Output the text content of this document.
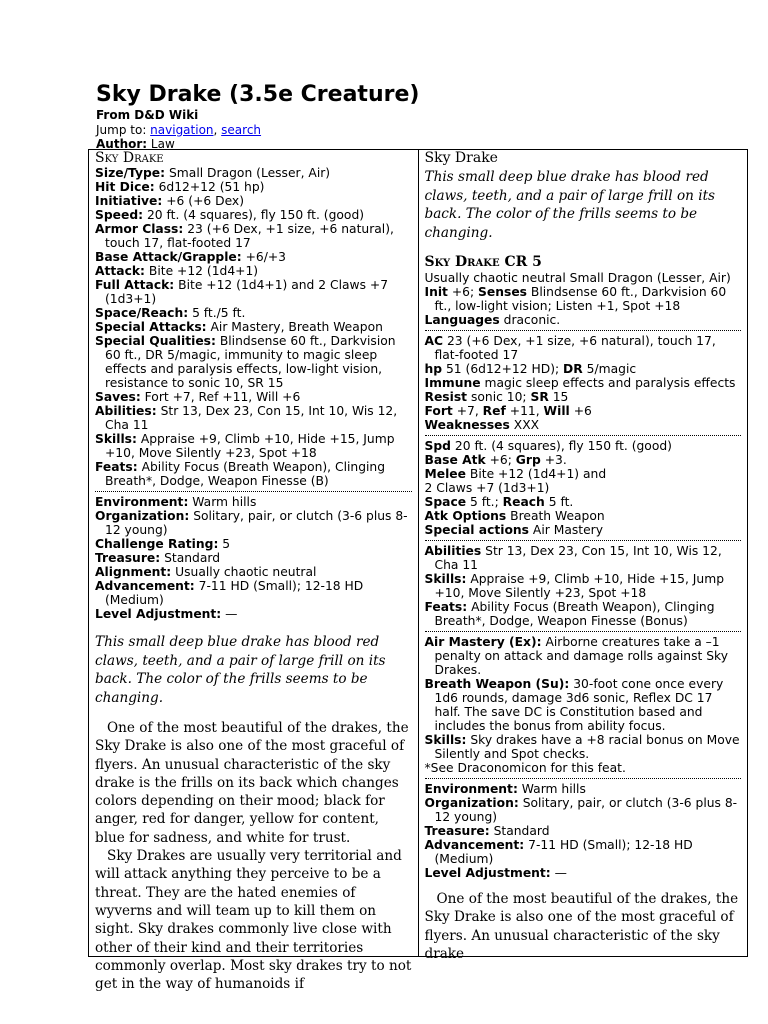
Sky Drake (3.5e Creature)
From D&D Wiki
Jump to: navigation, search
Author: Law
Sky Drake
Size/Type: Small Dragon (Lesser, Air)
Hit Dice: 6d12+12 (51 hp)
Initiative: +6 (+6 Dex)
Speed: 20 ft. (4 squares), fly 150 ft. (good)
Armor Class: 23 (+6 Dex, +1 size, +6 natural), touch 17, flat-footed 17
Base Attack/Grapple: +6/+3
Attack: Bite +12 (1d4+1)
Full Attack: Bite +12 (1d4+1) and 2 Claws +7 (1d3+1)
Space/Reach: 5 ft./5 ft.
Special Attacks: Air Mastery, Breath Weapon
Special Qualities: Blindsense 60 ft., Darkvision 60 ft., DR 5/magic, immunity to magic sleep effects and paralysis effects, low-light vision, resistance to sonic 10, SR 15
Saves: Fort +7, Ref +11, Will +6
Abilities: Str 13, Dex 23, Con 15, Int 10, Wis 12, Cha 11
Skills: Appraise +9, Climb +10, Hide +15, Jump +10, Move Silently +23, Spot +18
Feats: Ability Focus (Breath Weapon), Clinging Breath*, Dodge, Weapon Finesse (B)
Environment: Warm hills
Organization: Solitary, pair, or clutch (3-6 plus 8-12 young)
Challenge Rating: 5
Treasure: Standard
Alignment: Usually chaotic neutral
Advancement: 7-11 HD (Small); 12-18 HD (Medium)
Level Adjustment: —
This small deep blue drake has blood red claws, teeth, and a pair of large frill on its back. The color of the frills seems to be changing.

One of the most beautiful of the drakes, the Sky Drake is also one of the most graceful of flyers. An unusual characteristic of the sky drake is the frills on its back which changes colors depending on their mood; black for anger, red for danger, yellow for content, blue for sadness, and white for trust.

Sky Drakes are usually very territorial and will attack anything they perceive to be a threat. They are the hated enemies of wyverns and will team up to kill them on sight. Sky drakes commonly live close with other of their kind and their territories commonly overlap. Most sky drakes try to not get in the way of humanoids if

Sky Drake
This small deep blue drake has blood red claws, teeth, and a pair of large frill on its back. The color of the frills seems to be changing.
Sky Drake CR 5
Usually chaotic neutral Small Dragon (Lesser, Air)
Init +6; Senses Blindsense 60 ft., Darkvision 60 ft., low-light vision; Listen +1, Spot +18
Languages draconic.
AC 23 (+6 Dex, +1 size, +6 natural), touch 17, flat-footed 17
hp 51 (6d12+12 HD); DR 5/magic
Immune magic sleep effects and paralysis effects
Resist sonic 10; SR 15
Fort +7, Ref +11, Will +6
Weaknesses XXX
Spd 20 ft. (4 squares), fly 150 ft. (good)
Base Atk +6; Grp +3.
Melee Bite +12 (1d4+1) and
2 Claws +7 (1d3+1)
Space 5 ft.; Reach 5 ft.
Atk Options Breath Weapon
Special actions Air Mastery
Abilities Str 13, Dex 23, Con 15, Int 10, Wis 12, Cha 11
Skills: Appraise +9, Climb +10, Hide +15, Jump +10, Move Silently +23, Spot +18
Feats: Ability Focus (Breath Weapon), Clinging Breath*, Dodge, Weapon Finesse (Bonus)
Air Mastery (Ex): Airborne creatures take a –1 penalty on attack and damage rolls against Sky Drakes.
Breath Weapon (Su): 30-foot cone once every 1d6 rounds, damage 3d6 sonic, Reflex DC 17 half. The save DC is Constitution based and includes the bonus from ability focus.
Skills: Sky drakes have a +8 racial bonus on Move Silently and Spot checks.
*See Draconomicon for this feat.
Environment: Warm hills
Organization: Solitary, pair, or clutch (3-6 plus 8-12 young)
Treasure: Standard
Advancement: 7-11 HD (Small); 12-18 HD (Medium)
Level Adjustment: —

One of the most beautiful of the drakes, the Sky Drake is also one of the most graceful of flyers. An unusual characteristic of the sky drake
